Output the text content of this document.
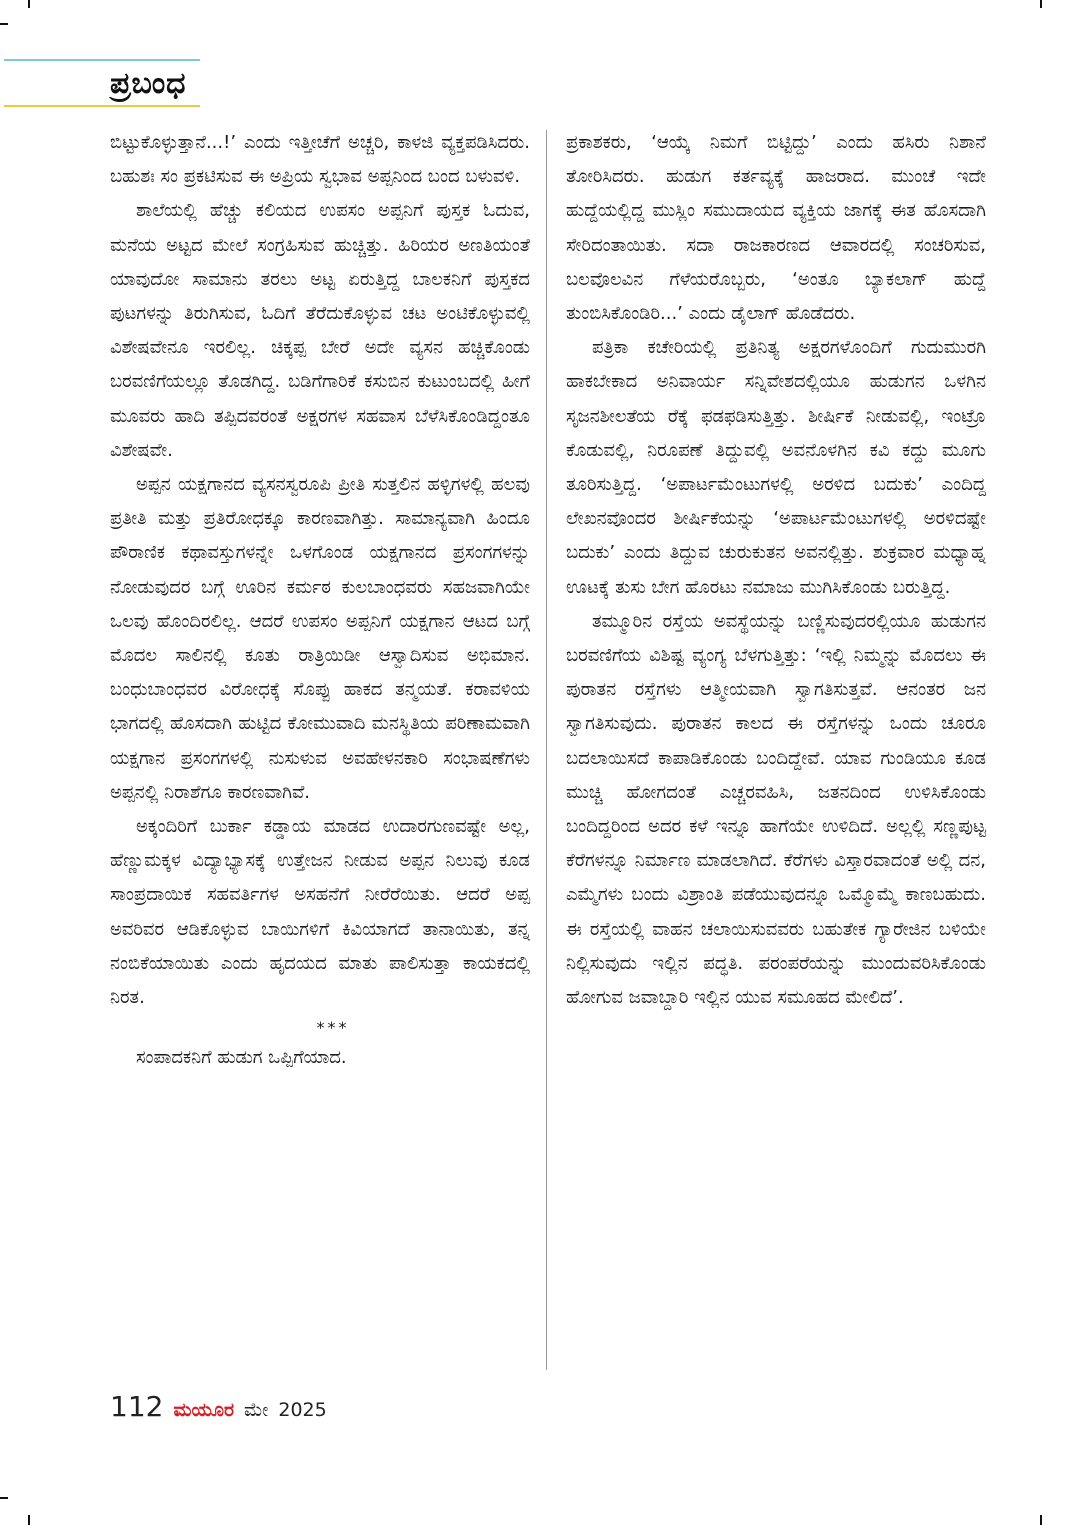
ಪ್ರಬಂಧ

ಬಿಟ್ಟುಕೊಳ್ಳುತ್ತಾನೆ...!’ ಎಂದು ಇತ್ತೀಚೆಗೆ ಅಚ್ಚರಿ, ಕಾಳಜಿ ವ್ಯಕ್ತಪಡಿಸಿದರು. ಬಹುಶಃ ಸಂ ಪ್ರಕಟಿಸುವ ಈ ಅಪ್ರಿಯ ಸ್ವಭಾವ ಅಪ್ಪನಿಂದ ಬಂದ ಬಳುವಳಿ.

ಶಾಲೆಯಲ್ಲಿ ಹೆಚ್ಚು ಕಲಿಯದ ಉಪಸಂ ಅಪ್ಪನಿಗೆ ಪುಸ್ತಕ ಓದುವ, ಮನೆಯ ಅಟ್ಟದ ಮೇಲೆ ಸಂಗ್ರಹಿಸುವ ಹುಚ್ಚಿತ್ತು. ಹಿರಿಯರ ಅಣತಿಯಂತೆ ಯಾವುದೋ ಸಾಮಾನು ತರಲು ಅಟ್ಟ ಏರುತ್ತಿದ್ದ ಬಾಲಕನಿಗೆ ಪುಸ್ತಕದ ಪುಟಗಳನ್ನು ತಿರುಗಿಸುವ, ಓದಿಗೆ ತೆರೆದುಕೊಳ್ಳುವ ಚಟ ಅಂಟಿಕೊಳ್ಳುವಲ್ಲಿ ವಿಶೇಷವೇನೂ ಇರಲಿಲ್ಲ. ಚಿಕ್ಕಪ್ಪ ಬೇರೆ ಅದೇ ವ್ಯಸನ ಹಚ್ಚಿಕೊಂಡು ಬರವಣಿಗೆಯಲ್ಲೂ ತೊಡಗಿದ್ದ. ಬಡಿಗೆಗಾರಿಕೆ ಕಸುಬಿನ ಕುಟುಂಬದಲ್ಲಿ ಹೀಗೆ ಮೂವರು ಹಾದಿ ತಪ್ಪಿದವರಂತೆ ಅಕ್ಷರಗಳ ಸಹವಾಸ ಬೆಳೆಸಿಕೊಂಡಿದ್ದಂತೂ ವಿಶೇಷವೇ.

ಅಪ್ಪನ ಯಕ್ಷಗಾನದ ವ್ಯಸನಸ್ವರೂಪಿ ಪ್ರೀತಿ ಸುತ್ತಲಿನ ಹಳ್ಳಿಗಳಲ್ಲಿ ಹಲವು ಪ್ರತೀತಿ ಮತ್ತು ಪ್ರತಿರೋಧಕ್ಕೂ ಕಾರಣವಾಗಿತ್ತು. ಸಾಮಾನ್ಯವಾಗಿ ಹಿಂದೂ ಪೌರಾಣಿಕ ಕಥಾವಸ್ತುಗಳನ್ನೇ ಒಳಗೊಂಡ ಯಕ್ಷಗಾನದ ಪ್ರಸಂಗಗಳನ್ನು ನೋಡುವುದರ ಬಗ್ಗೆ ಊರಿನ ಕರ್ಮಠ ಕುಲಬಾಂಧವರು ಸಹಜವಾಗಿಯೇ ಒಲವು ಹೊಂದಿರಲಿಲ್ಲ. ಆದರೆ ಉಪಸಂ ಅಪ್ಪನಿಗೆ ಯಕ್ಷಗಾನ ಆಟದ ಬಗ್ಗೆ ಮೊದಲ ಸಾಲಿನಲ್ಲಿ ಕೂತು ರಾತ್ರಿಯಿಡೀ ಆಸ್ವಾದಿಸುವ ಅಭಿಮಾನ. ಬಂಧುಬಾಂಧವರ ವಿರೋಧಕ್ಕೆ ಸೊಪ್ಪು ಹಾಕದ ತನ್ಮಯತೆ. ಕರಾವಳಿಯ ಭಾಗದಲ್ಲಿ ಹೊಸದಾಗಿ ಹುಟ್ಟಿದ ಕೋಮುವಾದಿ ಮನಸ್ಥಿತಿಯ ಪರಿಣಾಮವಾಗಿ ಯಕ್ಷಗಾನ ಪ್ರಸಂಗಗಳಲ್ಲಿ ನುಸುಳುವ ಅವಹೇಳನಕಾರಿ ಸಂಭಾಷಣೆಗಳು ಅಪ್ಪನಲ್ಲಿ ನಿರಾಶೆಗೂ ಕಾರಣವಾಗಿವೆ.

ಅಕ್ಕಂದಿರಿಗೆ ಬುರ್ಕಾ ಕಡ್ಡಾಯ ಮಾಡದ ಉದಾರಗುಣವಷ್ಟೇ ಅಲ್ಲ, ಹೆಣ್ಣುಮಕ್ಕಳ ವಿದ್ಯಾಭ್ಯಾಸಕ್ಕೆ ಉತ್ತೇಜನ ನೀಡುವ ಅಪ್ಪನ ನಿಲುವು ಕೂಡ ಸಾಂಪ್ರದಾಯಿಕ ಸಹವರ್ತಿಗಳ ಅಸಹನೆಗೆ ನೀರೆರೆಯಿತು. ಆದರೆ ಅಪ್ಪ ಅವರಿವರ ಆಡಿಕೊಳ್ಳುವ ಬಾಯಿಗಳಿಗೆ ಕಿವಿಯಾಗದೆ ತಾನಾಯಿತು, ತನ್ನ ನಂಬಿಕೆಯಾಯಿತು ಎಂದು ಹೃದಯದ ಮಾತು ಪಾಲಿಸುತ್ತಾ ಕಾಯಕದಲ್ಲಿ ನಿರತ.

***

ಸಂಪಾದಕನಿಗೆ ಹುಡುಗ ಒಪ್ಪಿಗೆಯಾದ.

ಪ್ರಕಾಶಕರು, ‘ಆಯ್ಕೆ ನಿಮಗೆ ಬಿಟ್ಟಿದ್ದು’ ಎಂದು ಹಸಿರು ನಿಶಾನೆ ತೋರಿಸಿದರು. ಹುಡುಗ ಕರ್ತವ್ಯಕ್ಕೆ ಹಾಜರಾದ. ಮುಂಚೆ ಇದೇ ಹುದ್ದೆಯಲ್ಲಿದ್ದ ಮುಸ್ಲಿಂ ಸಮುದಾಯದ ವ್ಯಕ್ತಿಯ ಜಾಗಕ್ಕೆ ಈತ ಹೊಸದಾಗಿ ಸೇರಿದಂತಾಯಿತು. ಸದಾ ರಾಜಕಾರಣದ ಆವಾರದಲ್ಲಿ ಸಂಚರಿಸುವ, ಬಲವೊಲವಿನ ಗೆಳೆಯರೊಬ್ಬರು, ‘ಅಂತೂ ಬ್ಯಾಕಲಾಗ್ ಹುದ್ದೆ ತುಂಬಿಸಿಕೊಂಡಿರಿ...’ ಎಂದು ಡೈಲಾಗ್ ಹೊಡೆದರು.

ಪತ್ರಿಕಾ ಕಚೇರಿಯಲ್ಲಿ ಪ್ರತಿನಿತ್ಯ ಅಕ್ಷರಗಳೊಂದಿಗೆ ಗುದುಮುರಗಿ ಹಾಕಬೇಕಾದ ಅನಿವಾರ್ಯ ಸನ್ನಿವೇಶದಲ್ಲಿಯೂ ಹುಡುಗನ ಒಳಗಿನ ಸೃಜನಶೀಲತೆಯ ರೆಕ್ಕೆ ಫಡಫಡಿಸುತ್ತಿತ್ತು. ಶೀರ್ಷಿಕೆ ನೀಡುವಲ್ಲಿ, ಇಂಟ್ರೊ ಕೊಡುವಲ್ಲಿ, ನಿರೂಪಣೆ ತಿದ್ದುವಲ್ಲಿ ಅವನೊಳಗಿನ ಕವಿ ಕದ್ದು ಮೂಗು ತೂರಿಸುತ್ತಿದ್ದ. ‘ಅಪಾರ್ಟಮೆಂಟುಗಳಲ್ಲಿ ಅರಳಿದ ಬದುಕು’ ಎಂದಿದ್ದ ಲೇಖನವೊಂದರ ಶೀರ್ಷಿಕೆಯನ್ನು ‘ಅಪಾರ್ಟಮೆಂಟುಗಳಲ್ಲಿ ಅರಳಿದಷ್ಟೇ ಬದುಕು’ ಎಂದು ತಿದ್ದುವ ಚುರುಕುತನ ಅವನಲ್ಲಿತ್ತು. ಶುಕ್ರವಾರ ಮಧ್ಯಾಹ್ನ ಊಟಕ್ಕೆ ತುಸು ಬೇಗ ಹೊರಟು ನಮಾಜು ಮುಗಿಸಿಕೊಂಡು ಬರುತ್ತಿದ್ದ.

ತಮ್ಮೂರಿನ ರಸ್ತೆಯ ಅವಸ್ಥೆಯನ್ನು ಬಣ್ಣಿಸುವುದರಲ್ಲಿಯೂ ಹುಡುಗನ ಬರವಣಿಗೆಯ ವಿಶಿಷ್ಟ ವ್ಯಂಗ್ಯ ಬೆಳಗುತ್ತಿತ್ತು: ‘ಇಲ್ಲಿ ನಿಮ್ಮನ್ನು ಮೊದಲು ಈ ಪುರಾತನ ರಸ್ತೆಗಳು ಆತ್ಮೀಯವಾಗಿ ಸ್ವಾಗತಿಸುತ್ತವೆ. ಆನಂತರ ಜನ ಸ್ವಾಗತಿಸುವುದು. ಪುರಾತನ ಕಾಲದ ಈ ರಸ್ತೆಗಳನ್ನು ಒಂದು ಚೂರೂ ಬದಲಾಯಿಸದೆ ಕಾಪಾಡಿಕೊಂಡು ಬಂದಿದ್ದೇವೆ. ಯಾವ ಗುಂಡಿಯೂ ಕೂಡ ಮುಚ್ಚಿ ಹೋಗದಂತೆ ಎಚ್ಚರವಹಿಸಿ, ಜತನದಿಂದ ಉಳಿಸಿಕೊಂಡು ಬಂದಿದ್ದರಿಂದ ಅದರ ಕಳೆ ಇನ್ನೂ ಹಾಗೆಯೇ ಉಳಿದಿದೆ. ಅಲ್ಲಲ್ಲಿ ಸಣ್ಣಪುಟ್ಟ ಕೆರೆಗಳನ್ನೂ ನಿರ್ಮಾಣ ಮಾಡಲಾಗಿದೆ. ಕೆರೆಗಳು ವಿಸ್ತಾರವಾದಂತೆ ಅಲ್ಲಿ ದನ, ಎಮ್ಮೆಗಳು ಬಂದು ವಿಶ್ರಾಂತಿ ಪಡೆಯುವುದನ್ನೂ ಒಮ್ಮೊಮ್ಮೆ ಕಾಣಬಹುದು. ಈ ರಸ್ತೆಯಲ್ಲಿ ವಾಹನ ಚಲಾಯಿಸುವವರು ಬಹುತೇಕ ಗ್ಯಾರೇಜಿನ ಬಳಿಯೇ ನಿಲ್ಲಿಸುವುದು ಇಲ್ಲಿನ ಪದ್ಧತಿ. ಪರಂಪರೆಯನ್ನು ಮುಂದುವರಿಸಿಕೊಂಡು ಹೋಗುವ ಜವಾಬ್ದಾರಿ ಇಲ್ಲಿನ ಯುವ ಸಮೂಹದ ಮೇಲಿದೆ’.

112 ಮಯೂರ ಮೇ 2025
